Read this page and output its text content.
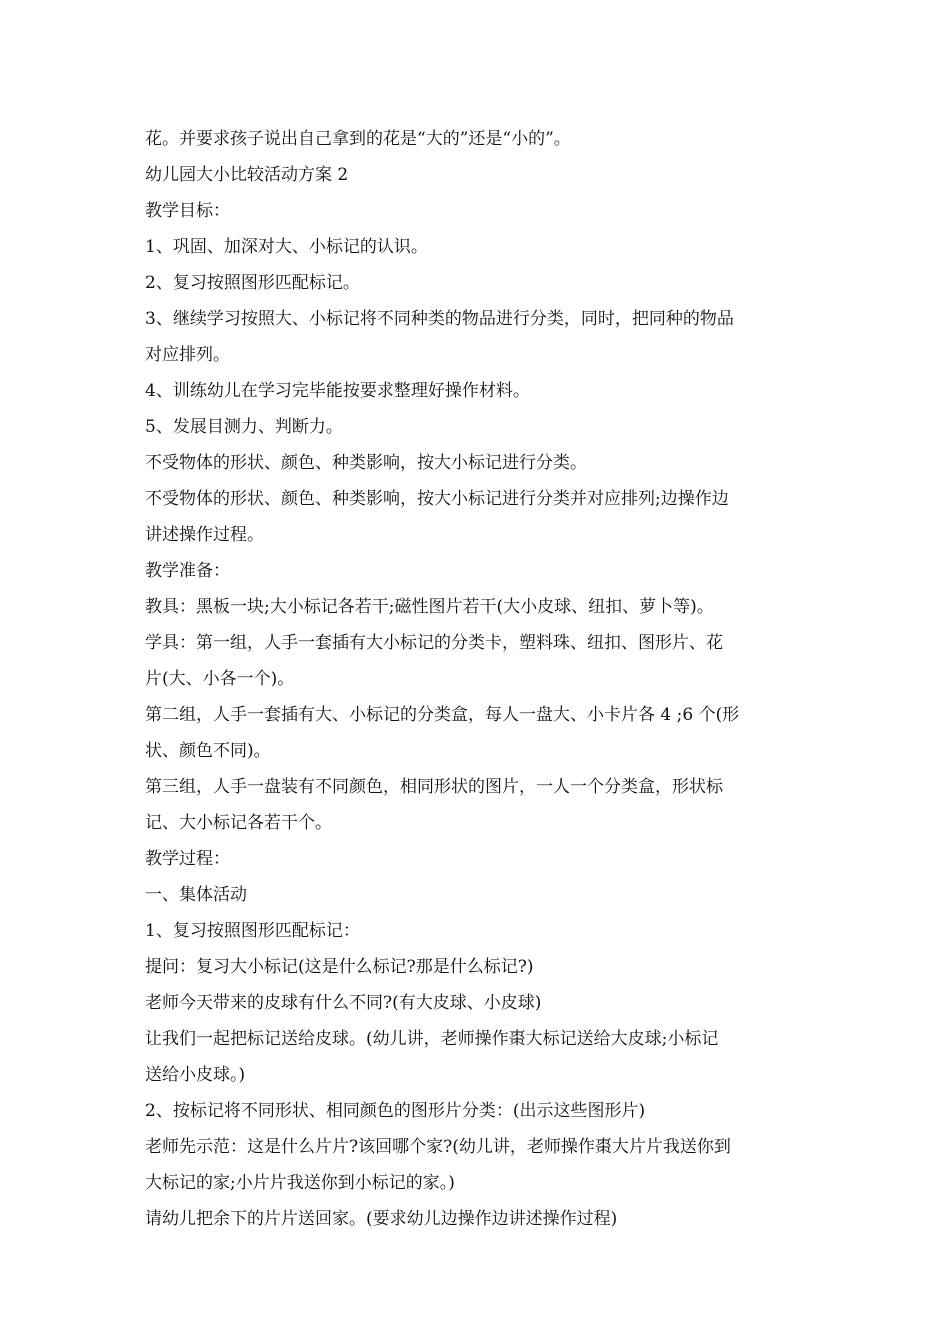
花。并要求孩子说出自己拿到的花是“大的”还是“小的”。
幼儿园大小比较活动方案 2
教学目标：
1、巩固、加深对大、小标记的认识。
2、复习按照图形匹配标记。
3、继续学习按照大、小标记将不同种类的物品进行分类，同时，把同种的物品
对应排列。
4、训练幼儿在学习完毕能按要求整理好操作材料。
5、发展目测力、判断力。
不受物体的形状、颜色、种类影响，按大小标记进行分类。
不受物体的形状、颜色、种类影响，按大小标记进行分类并对应排列;边操作边
讲述操作过程。
教学准备：
教具：黑板一块;大小标记各若干;磁性图片若干(大小皮球、纽扣、萝卜等)。
学具：第一组，人手一套插有大小标记的分类卡，塑料珠、纽扣、图形片、花
片(大、小各一个)。
第二组，人手一套插有大、小标记的分类盒，每人一盘大、小卡片各 4 ;6 个(形
状、颜色不同)。
第三组，人手一盘装有不同颜色，相同形状的图片，一人一个分类盒，形状标
记、大小标记各若干个。
教学过程：
一、集体活动
1、复习按照图形匹配标记：
提问：复习大小标记(这是什么标记?那是什么标记?)
老师今天带来的皮球有什么不同?(有大皮球、小皮球)
让我们一起把标记送给皮球。(幼儿讲，老师操作棗大标记送给大皮球;小标记
送给小皮球。)
2、按标记将不同形状、相同颜色的图形片分类：(出示这些图形片)
老师先示范：这是什么片片?该回哪个家?(幼儿讲，老师操作棗大片片我送你到
大标记的家;小片片我送你到小标记的家。)
请幼儿把余下的片片送回家。(要求幼儿边操作边讲述操作过程)
